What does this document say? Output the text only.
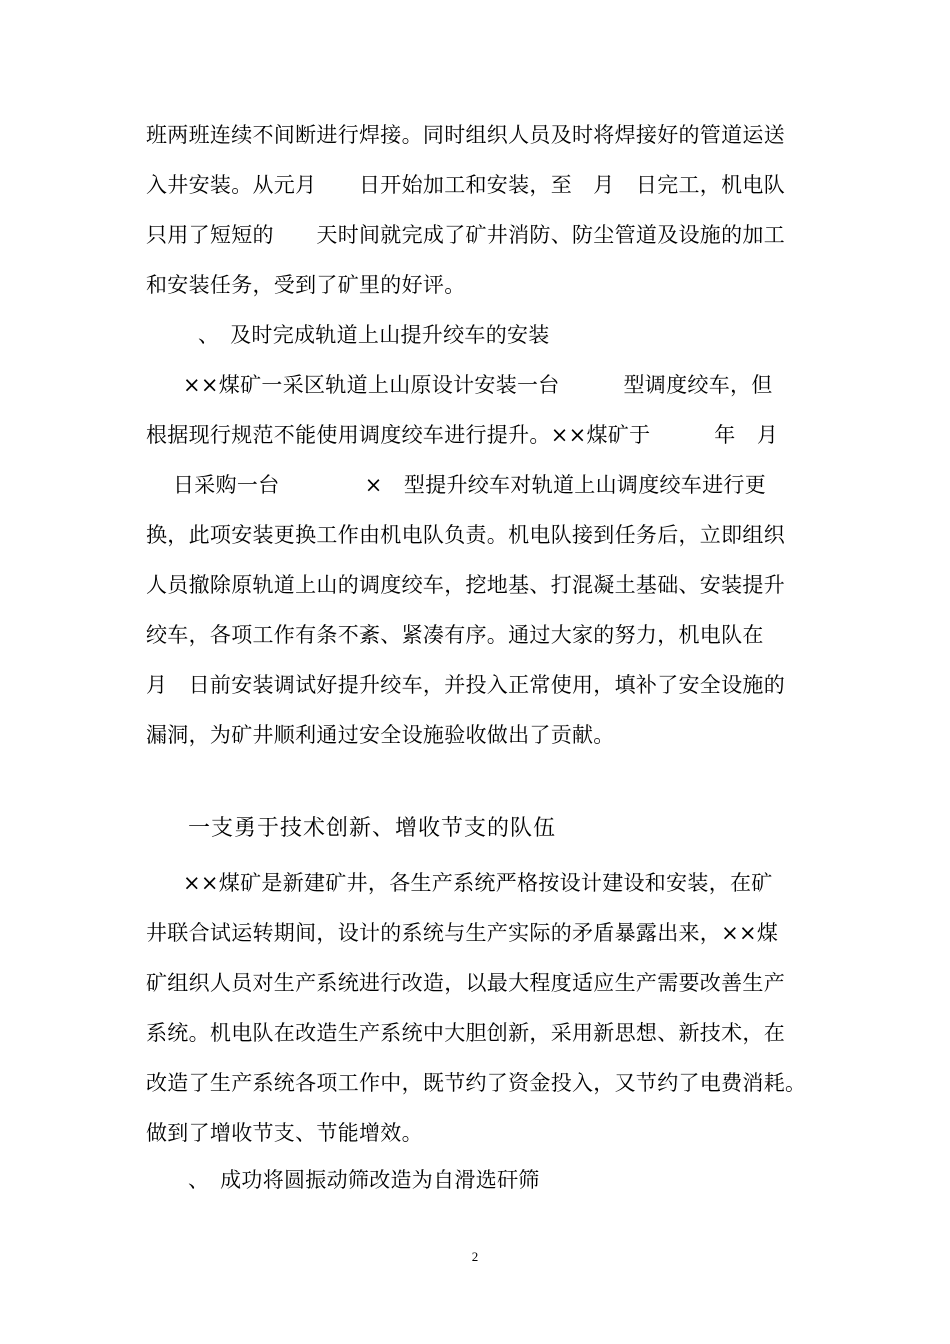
班两班连续不间断进行焊接。同时组织人员及时将焊接好的管道运送
入井安装。从元月　　日开始加工和安装，至　月　日完工，机电队
只用了短短的　　天时间就完成了矿井消防、防尘管道及设施的加工
和安装任务，受到了矿里的好评。
、　及时完成轨道上山提升绞车的安装
××煤矿一采区轨道上山原设计安装一台　　　型调度绞车，但
根据现行规范不能使用调度绞车进行提升。××煤矿于　　　年　月
日采购一台　　　　×　型提升绞车对轨道上山调度绞车进行更
换，此项安装更换工作由机电队负责。机电队接到任务后，立即组织
人员撤除原轨道上山的调度绞车，挖地基、打混凝土基础、安装提升
绞车，各项工作有条不紊、紧凑有序。通过大家的努力，机电队在
月　日前安装调试好提升绞车，并投入正常使用，填补了安全设施的
漏洞，为矿井顺利通过安全设施验收做出了贡献。
一支勇于技术创新、增收节支的队伍
××煤矿是新建矿井，各生产系统严格按设计建设和安装，在矿
井联合试运转期间，设计的系统与生产实际的矛盾暴露出来，××煤
矿组织人员对生产系统进行改造，以最大程度适应生产需要改善生产
系统。机电队在改造生产系统中大胆创新，采用新思想、新技术，在
改造了生产系统各项工作中，既节约了资金投入，又节约了电费消耗。
做到了增收节支、节能增效。
、　成功将圆振动筛改造为自滑选矸筛
2
